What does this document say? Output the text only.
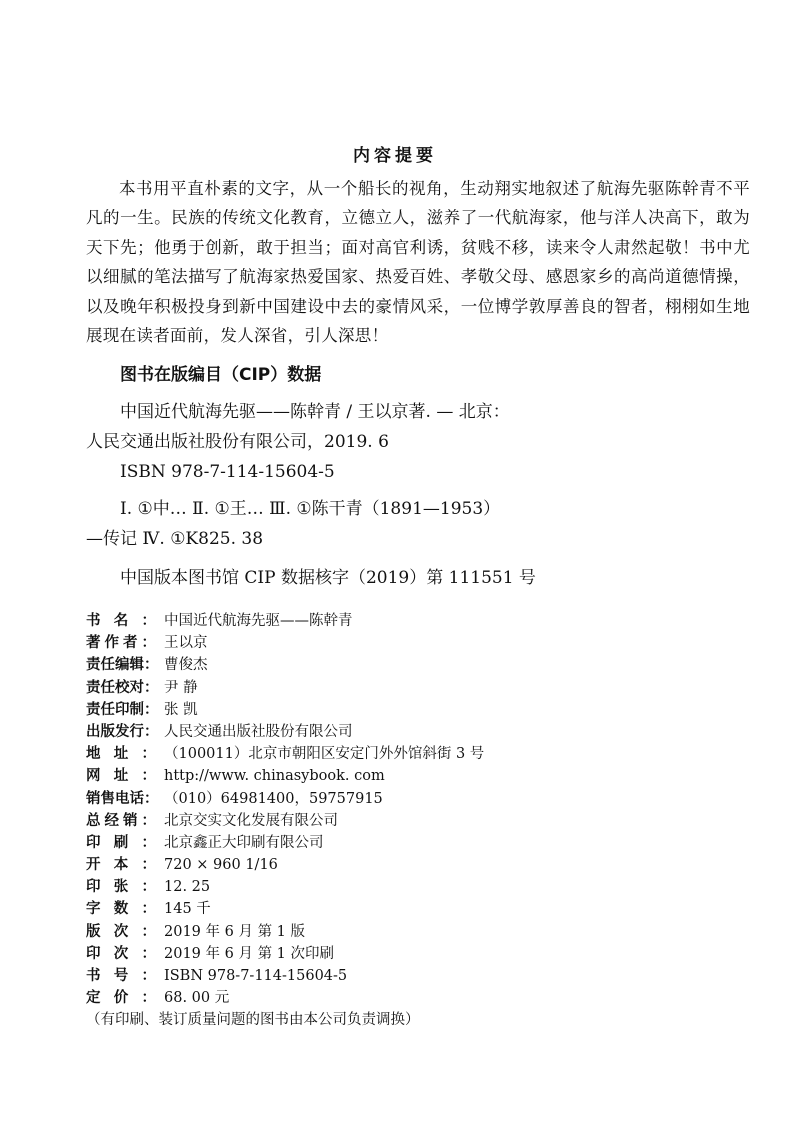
内容提要
本书用平直朴素的文字，从一个船长的视角，生动翔实地叙述了航海先驱陈幹青不平凡的一生。民族的传统文化教育，立德立人，滋养了一代航海家，他与洋人决高下，敢为天下先；他勇于创新，敢于担当；面对高官利诱，贫贱不移，读来令人肃然起敬！书中尤以细腻的笔法描写了航海家热爱国家、热爱百姓、孝敬父母、感恩家乡的高尚道德情操，以及晚年积极投身到新中国建设中去的豪情风采，一位博学敦厚善良的智者，栩栩如生地展现在读者面前，发人深省，引人深思！
图书在版编目（CIP）数据
中国近代航海先驱——陈幹青 / 王以京著. — 北京：
人民交通出版社股份有限公司，2019. 6
ISBN 978-7-114-15604-5
Ⅰ. ①中… Ⅱ. ①王… Ⅲ. ①陈干青（1891—1953）
—传记 Ⅳ. ①K825. 38
中国版本图书馆 CIP 数据核字（2019）第 111551 号
书名： 中国近代航海先驱——陈幹青
著作者： 王以京
责任编辑： 曹俊杰
责任校对： 尹 静
责任印制： 张 凯
出版发行： 人民交通出版社股份有限公司
地址： （100011）北京市朝阳区安定门外外馆斜街 3 号
网址： http://www. chinasybook. com
销售电话： （010）64981400，59757915
总经销： 北京交实文化发展有限公司
印刷： 北京鑫正大印刷有限公司
开本： 720 × 960 1/16
印张： 12. 25
字数： 145 千
版次： 2019 年 6 月 第 1 版
印次： 2019 年 6 月 第 1 次印刷
书号： ISBN 978-7-114-15604-5
定价： 68. 00 元
（有印刷、装订质量问题的图书由本公司负责调换）
